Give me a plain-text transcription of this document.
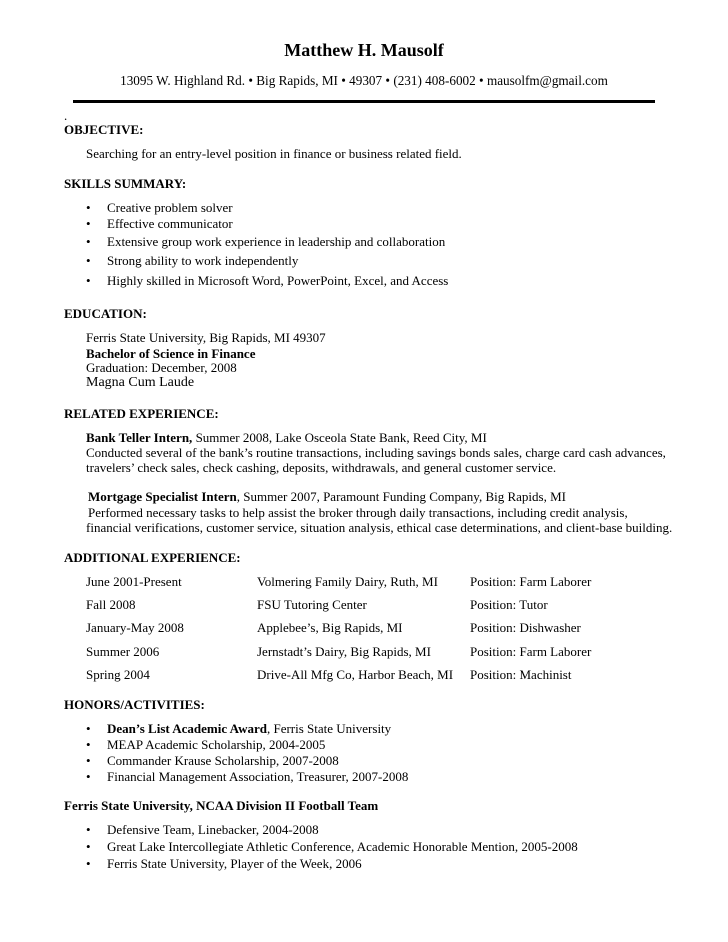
Matthew H. Mausolf
13095 W. Highland Rd. • Big Rapids, MI • 49307 • (231) 408-6002 • mausolfm@gmail.com
.
OBJECTIVE:
Searching for an entry-level position in finance or business related field.
SKILLS SUMMARY:
• Creative problem solver
• Effective communicator
• Extensive group work experience in leadership and collaboration
• Strong ability to work independently
• Highly skilled in Microsoft Word, PowerPoint, Excel, and Access
EDUCATION:
Ferris State University, Big Rapids, MI 49307
Bachelor of Science in Finance
Graduation: December, 2008
Magna Cum Laude
RELATED EXPERIENCE:
Bank Teller Intern, Summer 2008, Lake Osceola State Bank, Reed City, MI
Conducted several of the bank’s routine transactions, including savings bonds sales, charge card cash advances,
travelers’ check sales, check cashing, deposits, withdrawals, and general customer service.
Mortgage Specialist Intern, Summer 2007, Paramount Funding Company, Big Rapids, MI
Performed necessary tasks to help assist the broker through daily transactions, including credit analysis,
financial verifications, customer service, situation analysis, ethical case determinations, and client-base building.
ADDITIONAL EXPERIENCE:
June 2001-Present	Volmering Family Dairy, Ruth, MI Position: Farm Laborer
Fall 2008	FSU Tutoring Center	Position: Tutor
January-May 2008	Applebee’s, Big Rapids, MI	Position: Dishwasher
Summer 2006	Jernstadt’s Dairy, Big Rapids, MI	Position: Farm Laborer
Spring 2004	Drive-All Mfg Co, Harbor Beach, MI Position: Machinist
HONORS/ACTIVITIES:
• Dean’s List Academic Award, Ferris State University
• MEAP Academic Scholarship, 2004-2005
• Commander Krause Scholarship, 2007-2008
• Financial Management Association, Treasurer, 2007-2008
Ferris State University, NCAA Division II Football Team
• Defensive Team, Linebacker, 2004-2008
• Great Lake Intercollegiate Athletic Conference, Academic Honorable Mention, 2005-2008
• Ferris State University, Player of the Week, 2006
